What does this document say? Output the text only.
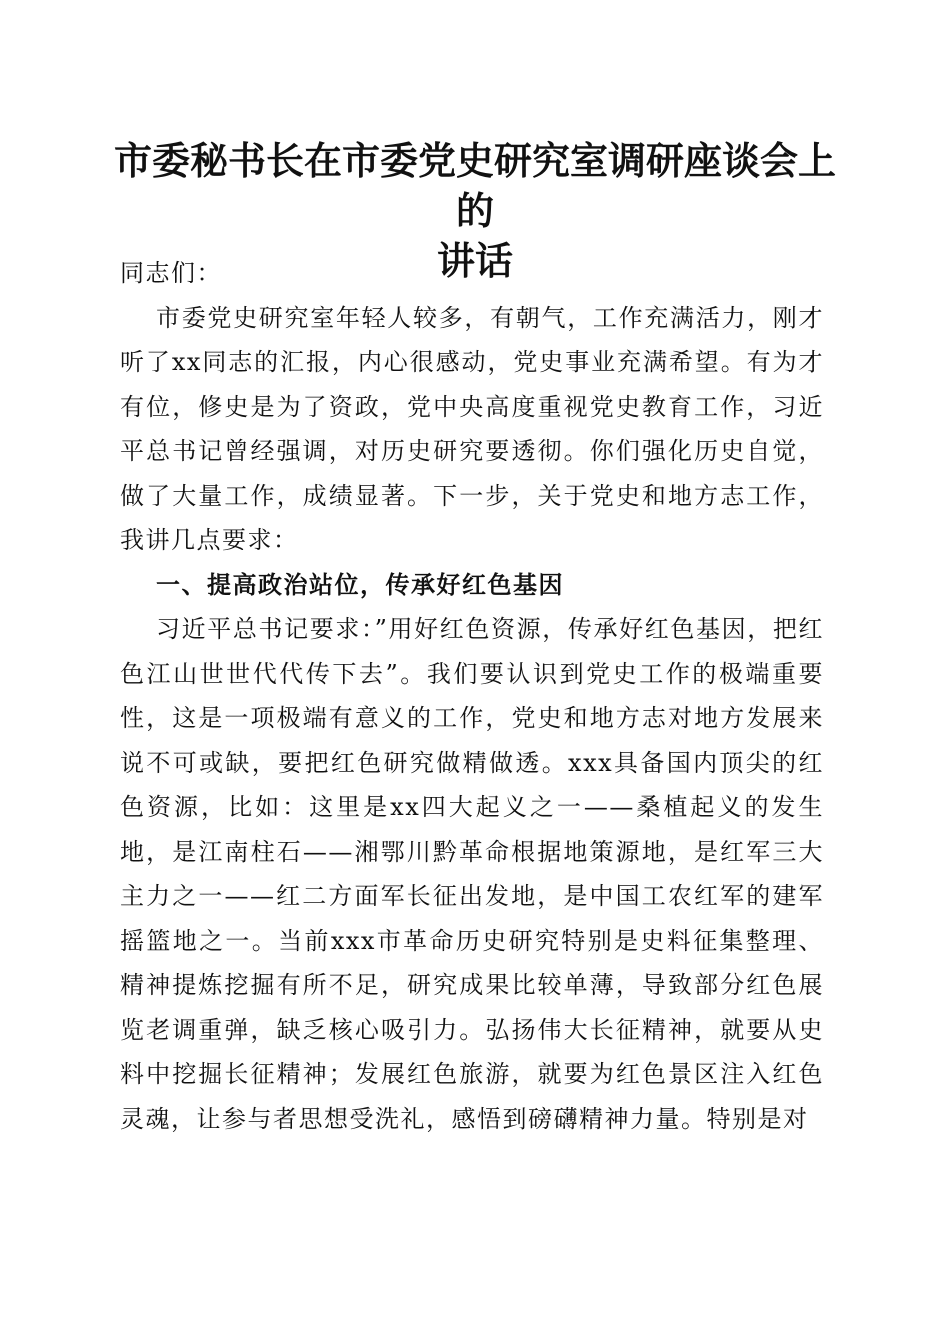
市委秘书长在市委党史研究室调研座谈会上的
讲话

同志们：

市委党史研究室年轻人较多，有朝气，工作充满活力，刚才听了xx同志的汇报，内心很感动，党史事业充满希望。有为才有位，修史是为了资政，党中央高度重视党史教育工作，习近平总书记曾经强调，对历史研究要透彻。你们强化历史自觉，做了大量工作，成绩显著。下一步，关于党史和地方志工作，我讲几点要求：

一、提高政治站位，传承好红色基因

习近平总书记要求：”用好红色资源，传承好红色基因，把红色江山世世代代传下去”。我们要认识到党史工作的极端重要性，这是一项极端有意义的工作，党史和地方志对地方发展来说不可或缺，要把红色研究做精做透。xxx具备国内顶尖的红色资源，比如：这里是xx四大起义之一——桑植起义的发生地，是江南柱石——湘鄂川黔革命根据地策源地，是红军三大主力之一——红二方面军长征出发地，是中国工农红军的建军摇篮地之一。当前xxx市革命历史研究特别是史料征集整理、精神提炼挖掘有所不足，研究成果比较单薄，导致部分红色展览老调重弹，缺乏核心吸引力。弘扬伟大长征精神，就要从史料中挖掘长征精神；发展红色旅游，就要为红色景区注入红色灵魂，让参与者思想受洗礼，感悟到磅礴精神力量。特别是对
